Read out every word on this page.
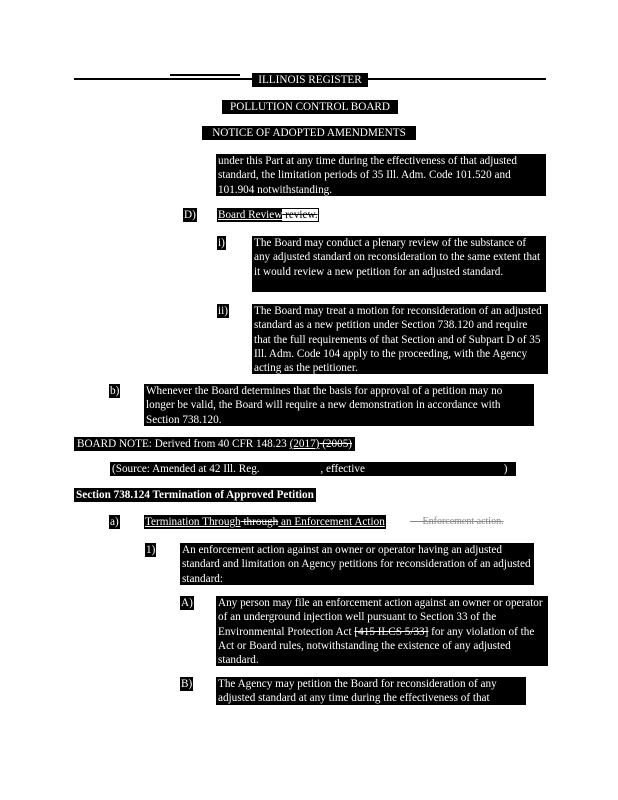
ILLINOIS REGISTER
POLLUTION CONTROL BOARD
NOTICE OF ADOPTED AMENDMENTS
under this Part at any time during the effectiveness of that adjusted standard, the limitation periods of 35 Ill. Adm. Code 101.520 and 101.904 notwithstanding.
D) Board Review review.
i)	The Board may conduct a plenary review of the substance of any adjusted standard on reconsideration to the same extent that it would review a new petition for an adjusted standard.
ii) The Board may treat a motion for reconsideration of an adjusted standard as a new petition under Section 738.120 and require that the full requirements of that Section and of Subpart D of 35 Ill. Adm. Code 104 apply to the proceeding, with the Agency acting as the petitioner.
b) Whenever the Board determines that the basis for approval of a petition may no longer be valid, the Board will require a new demonstration in accordance with Section 738.120.
BOARD NOTE: Derived from 40 CFR 148.23 (2017) (2005)
(Source: Amended at 42 Ill. Reg.	, effective	)
Section 738.124 Termination of Approved Petition
a) Termination Through through an Enforcement Action	— Enforcement action.
1) An enforcement action against an owner or operator having an adjusted standard and limitation on Agency petitions for reconsideration of an adjusted standard:
A) Any person may file an enforcement action against an owner or operator of an underground injection well pursuant to Section 33 of the Environmental Protection Act [415 ILCS 5/33] for any violation of the Act or Board rules, notwithstanding the existence of any adjusted standard.
B) The Agency may petition the Board for reconsideration of any adjusted standard at any time during the effectiveness of that
